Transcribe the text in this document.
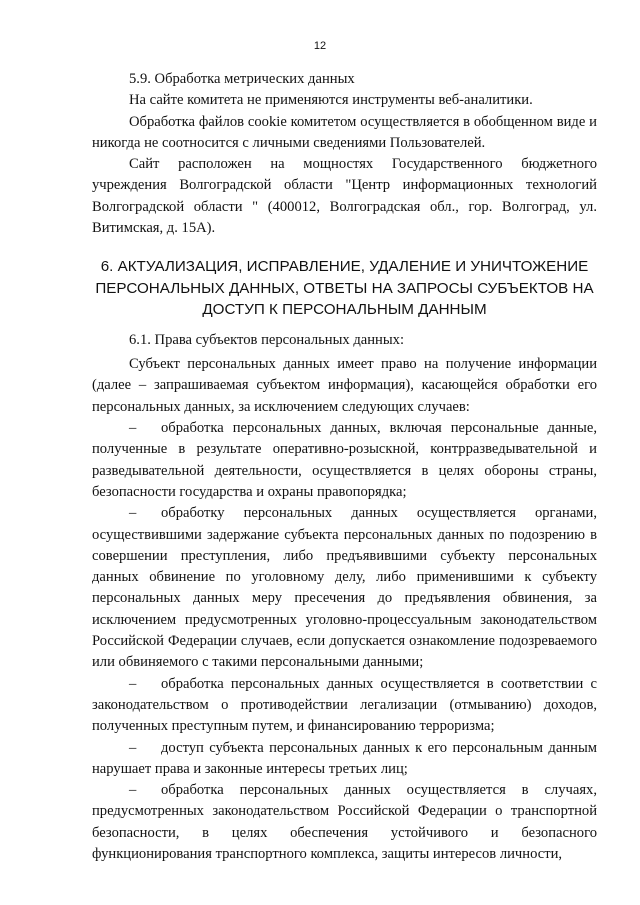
12

5.9. Обработка метрических данных

На сайте комитета не применяются инструменты веб-аналитики.

Обработка файлов cookie комитетом осуществляется в обобщенном виде и никогда не соотносится с личными сведениями Пользователей.

Сайт расположен на мощностях Государственного бюджетного учреждения Волгоградской области "Центр информационных технологий Волгоградской области " (400012, Волгоградская обл., гор. Волгоград, ул. Витимская, д. 15А).

6. АКТУАЛИЗАЦИЯ, ИСПРАВЛЕНИЕ, УДАЛЕНИЕ И УНИЧТОЖЕНИЕ ПЕРСОНАЛЬНЫХ ДАННЫХ, ОТВЕТЫ НА ЗАПРОСЫ СУБЪЕКТОВ НА ДОСТУП К ПЕРСОНАЛЬНЫМ ДАННЫМ

6.1. Права субъектов персональных данных:

Субъект персональных данных имеет право на получение информации (далее – запрашиваемая субъектом информация), касающейся обработки его персональных данных, за исключением следующих случаев:

– обработка персональных данных, включая персональные данные, полученные в результате оперативно-розыскной, контрразведывательной и разведывательной деятельности, осуществляется в целях обороны страны, безопасности государства и охраны правопорядка;

– обработку персональных данных осуществляется органами, осуществившими задержание субъекта персональных данных по подозрению в совершении преступления, либо предъявившими субъекту персональных данных обвинение по уголовному делу, либо применившими к субъекту персональных данных меру пресечения до предъявления обвинения, за исключением предусмотренных уголовно-процессуальным законодательством Российской Федерации случаев, если допускается ознакомление подозреваемого или обвиняемого с такими персональными данными;

– обработка персональных данных осуществляется в соответствии с законодательством о противодействии легализации (отмыванию) доходов, полученных преступным путем, и финансированию терроризма;

– доступ субъекта персональных данных к его персональным данным нарушает права и законные интересы третьих лиц;

– обработка персональных данных осуществляется в случаях, предусмотренных законодательством Российской Федерации о транспортной безопасности, в целях обеспечения устойчивого и безопасного функционирования транспортного комплекса, защиты интересов личности,
